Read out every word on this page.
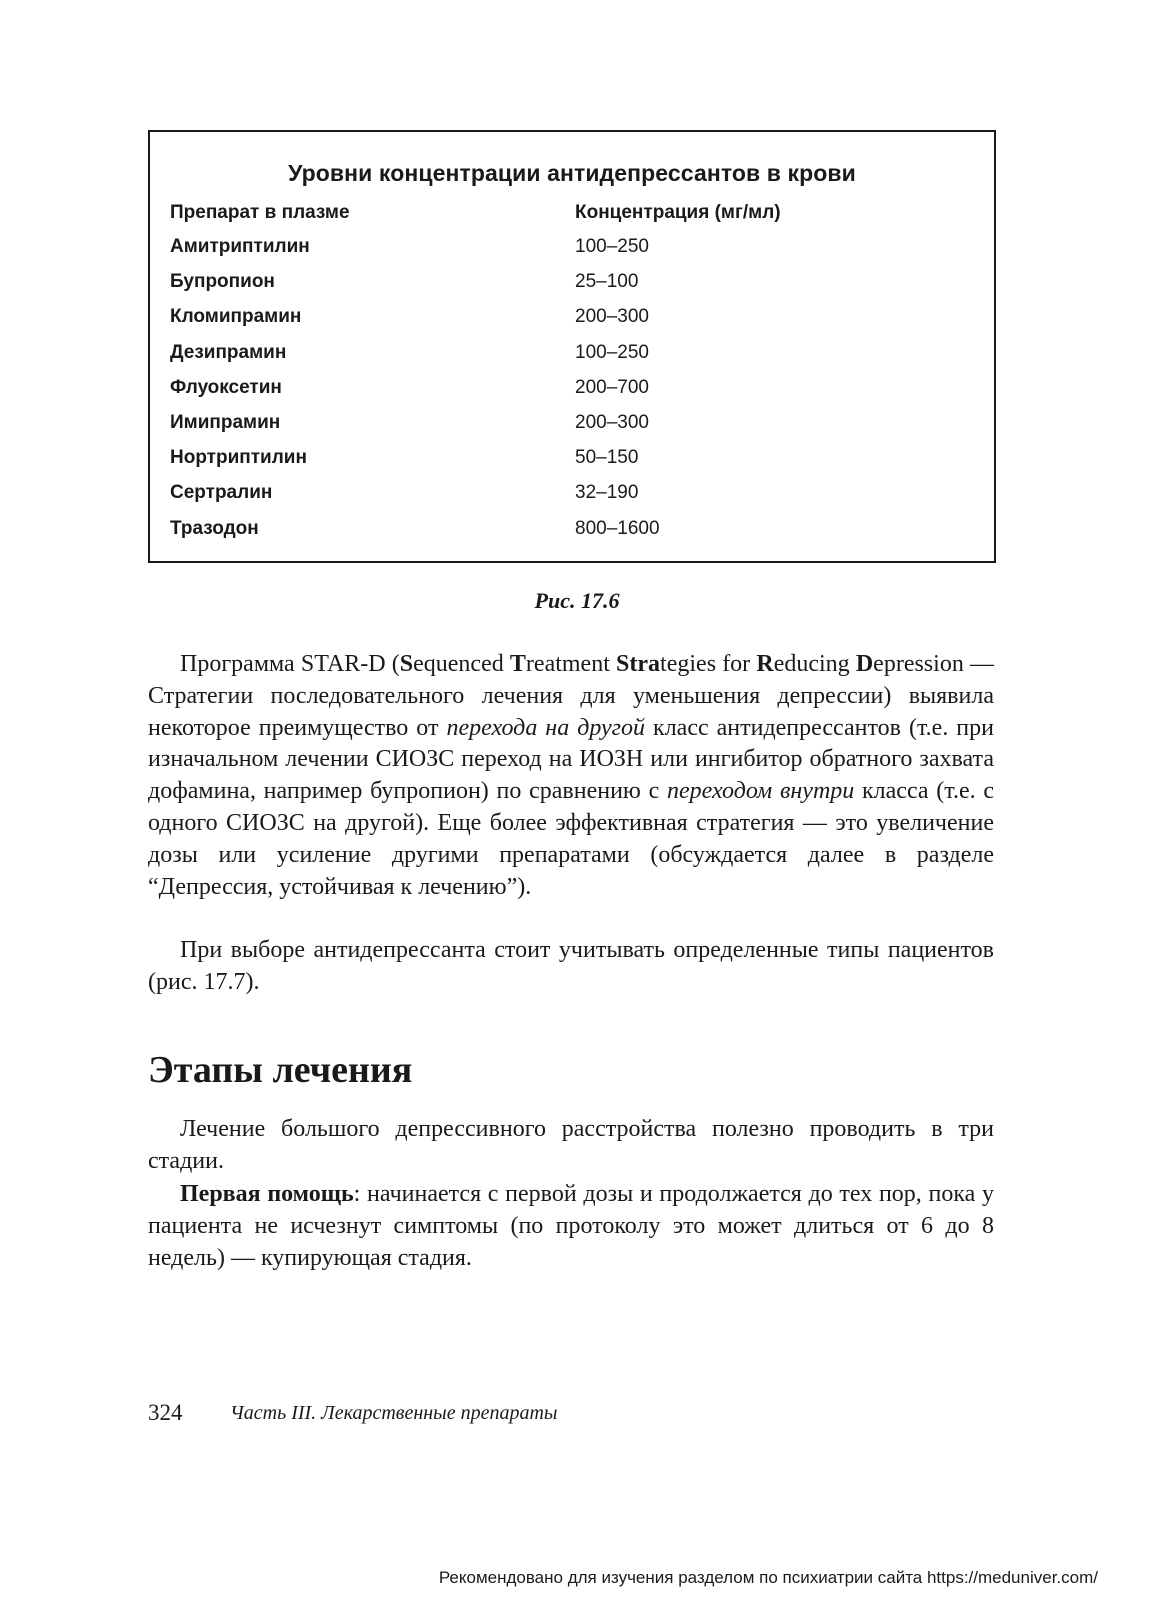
Уровни концентрации антидепрессантов в крови
Препарат в плазме	Концентрация (мг/мл)
Амитриптилин	100–250
Бупропион	25–100
Кломипрамин	200–300
Дезипрамин	100–250
Флуоксетин	200–700
Имипрамин	200–300
Нортриптилин	50–150
Сертралин	32–190
Тразодон	800–1600
Рис. 17.6

Программа STAR-D (Sequenced Treatment Strategies for Reducing Depression — Стратегии последовательного лечения для уменьшения депрессии) выявила некоторое преимущество от перехода на другой класс антидепрессантов (т.е. при изначальном лечении СИОЗС переход на ИОЗН или ингибитор обратного захвата дофамина, например бупропион) по сравнению с переходом внутри класса (т.е. с одного СИОЗС на другой). Еще более эффективная стратегия — это увеличение дозы или усиление другими препаратами (обсуждается далее в разделе “Депрессия, устойчивая к лечению”).

При выборе антидепрессанта стоит учитывать определенные типы пациентов (рис. 17.7).

Этапы лечения

Лечение большого депрессивного расстройства полезно проводить в три стадии.

Первая помощь: начинается с первой дозы и продолжается до тех пор, пока у пациента не исчезнут симптомы (по протоколу это может длиться от 6 до 8 недель) — купирующая стадия.

324 Часть III. Лекарственные препараты
Рекомендовано для изучения разделом по психиатрии сайта https://meduniver.com/
